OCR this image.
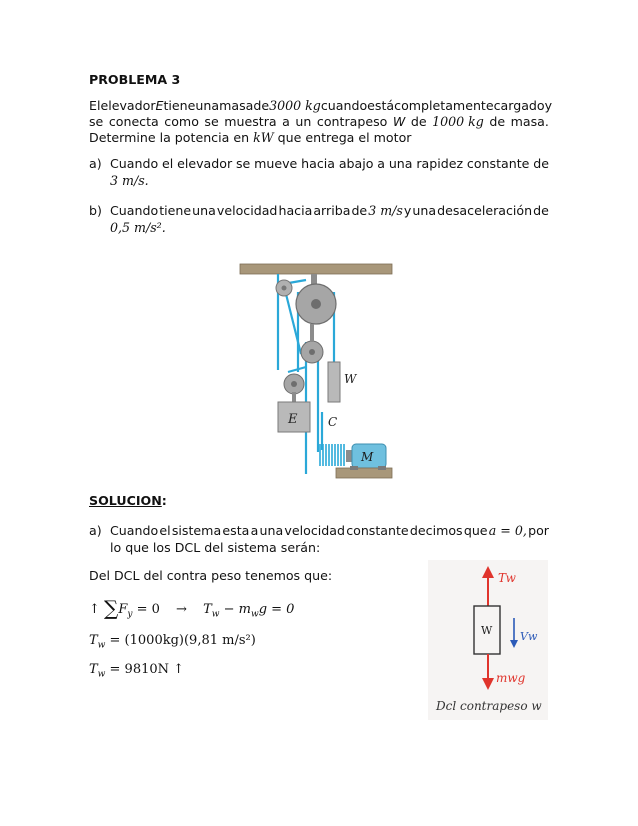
PROBLEMA 3
El elevador E tiene una masa de 3000 kg cuando está completamente cargado y
se conecta como se muestra a un contrapeso W de 1000 kg de masa.
Determine la potencia en kW que entrega el motor
a) Cuando el elevador se mueve hacia abajo a una rapidez constante de
3 m/s.
b) Cuando tiene una velocidad hacia arriba de 3 m/s y una desaceleración de
0,5 m/s².
E
W
C
M
SOLUCION:
a) Cuando el sistema esta a una velocidad constante decimos que a = 0, por
lo que los DCL del sistema serán:
Del DCL del contra peso tenemos que:
↑ $\sum F_y = 0 \to T_w - m_wg = 0$
$T_w = (1000kg)(9,81$ m/s²)
$T_w = 9810N$ ↑
Tw
W	Vw
mwg
Dcl contrapeso w
